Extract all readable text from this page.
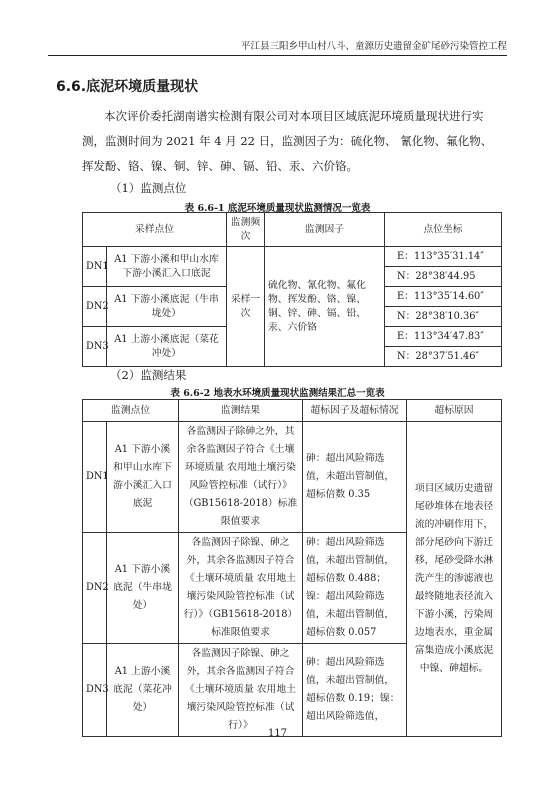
平江县三阳乡甲山村八斗、童源历史遗留金矿尾砂污染管控工程
6.6.底泥环境质量现状

本次评价委托湖南谱实检测有限公司对本项目区域底泥环境质量现状进行实测，监测时间为 2021 年 4 月 22 日，监测因子为：硫化物、 氰化物、氟化物、挥发酚、铬、镍、铜、锌、砷、镉、铅、汞、六价铬。

（1）监测点位
表 6.6-1 底泥环境质量现状监测情况一览表
采样点位		监测频次	监测因子	点位坐标
DN1	A1 下游小溪和甲山水库下游小溪汇入口底泥	采样一次	硫化物、氰化物、氟化物、挥发酚、铬、镍、铜、锌、砷、镉、铅、汞、六价铬	E：113°35′31.14″
				N：28°38′44.95
DN2	A1 下游小溪底泥（牛串垅处）			E：113°35′14.60″
				N：28°38′10.36″
DN3	A1 上游小溪底泥（菜花冲处）			E：113°34′47.83″
				N：28°37′51.46″
（2）监测结果
表 6.6-2 地表水环境质量现状监测结果汇总一览表
监测点位		监测结果	超标因子及超标情况	超标原因
DN1	A1 下游小溪和甲山水库下游小溪汇入口底泥	各监测因子除砷之外，其余各监测因子符合《土壤环境质量 农用地土壤污染风险管控标准（试行）》（GB15618-2018）标准限值要求	砷：超出风险筛选值，未超出管制值，超标倍数 0.35	项目区域历史遗留尾砂堆体在地表径流的冲刷作用下，部分尾砂向下游迁移，尾砂受降水淋洗产生的渗滤液也最终随地表径流入下游小溪，污染周边地表水，重金属富集造成小溪底泥中镍、砷超标。
DN2	A1 下游小溪底泥（牛串垅处）	各监测因子除镍、砷之外，其余各监测因子符合《土壤环境质量 农用地土壤污染风险管控标准（试行）》（GB15618-2018）标准限值要求	砷：超出风险筛选值，未超出管制值，超标倍数 0.488；镍：超出风险筛选值，未超出管制值，超标倍数 0.057	
DN3	A1 上游小溪底泥（菜花冲处）	各监测因子除镍、砷之外，其余各监测因子符合《土壤环境质量 农用地土壤污染风险管控标准（试行）》	砷：超出风险筛选值，未超出管制值，超标倍数 0.19；镍：超出风险筛选值，	
117
